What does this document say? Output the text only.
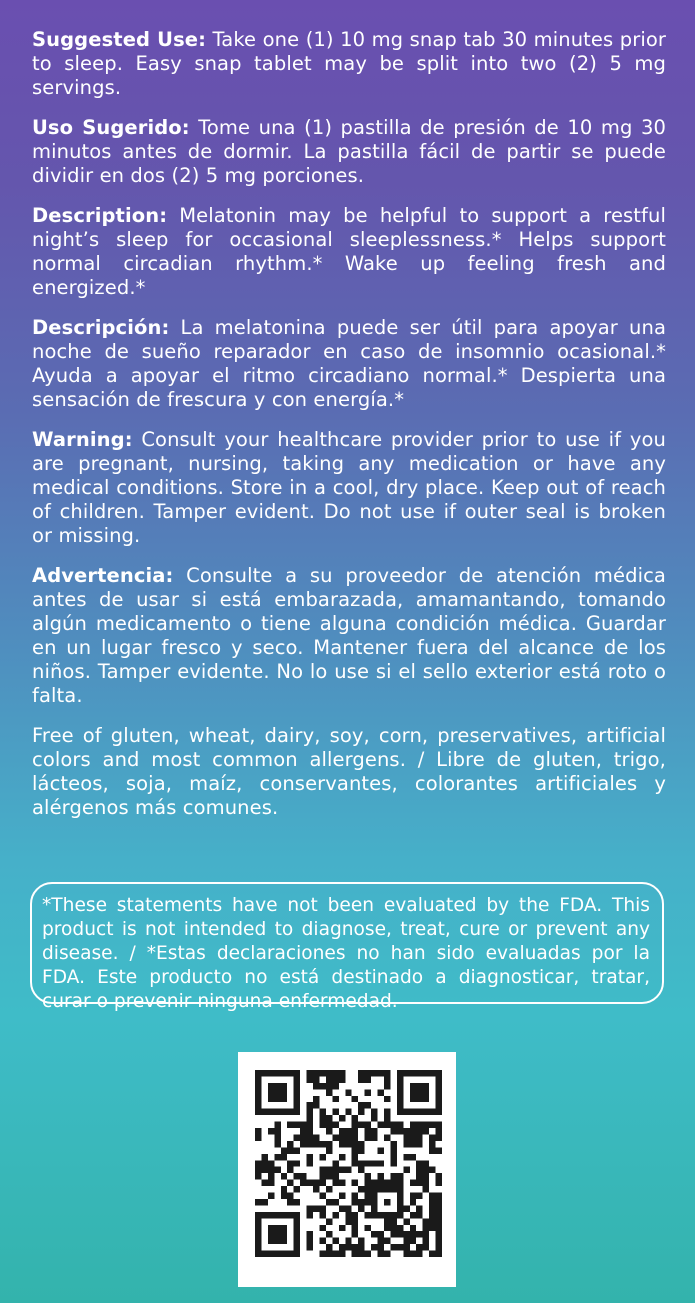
Suggested Use: Take one (1) 10 mg snap tab 30 minutes prior to sleep. Easy snap tablet may be split into two (2) 5 mg servings.

Uso Sugerido: Tome una (1) pastilla de presión de 10 mg 30 minutos antes de dormir. La pastilla fácil de partir se puede dividir en dos (2) 5 mg porciones.

Description: Melatonin may be helpful to support a restful night’s sleep for occasional sleeplessness.* Helps support normal circadian rhythm.* Wake up feeling fresh and energized.*

Descripción: La melatonina puede ser útil para apoyar una noche de sueño reparador en caso de insomnio ocasional.* Ayuda a apoyar el ritmo circadiano normal.* Despierta una sensación de frescura y con energía.*

Warning: Consult your healthcare provider prior to use if you are pregnant, nursing, taking any medication or have any medical conditions. Store in a cool, dry place. Keep out of reach of children. Tamper evident. Do not use if outer seal is broken or missing.

Advertencia: Consulte a su proveedor de atención médica antes de usar si está embarazada, amamantando, tomando algún medicamento o tiene alguna condición médica. Guardar en un lugar fresco y seco. Mantener fuera del alcance de los niños. Tamper evidente. No lo use si el sello exterior está roto o falta.

Free of gluten, wheat, dairy, soy, corn, preservatives, artificial colors and most common allergens. / Libre de gluten, trigo, lácteos, soja, maíz, conservantes, colorantes artificiales y alérgenos más comunes.

*These statements have not been evaluated by the FDA. This product is not intended to diagnose, treat, cure or prevent any disease. / *Estas declaraciones no han sido evaluadas por la FDA. Este producto no está destinado a diagnosticar, tratar, curar o prevenir ninguna enfermedad.
